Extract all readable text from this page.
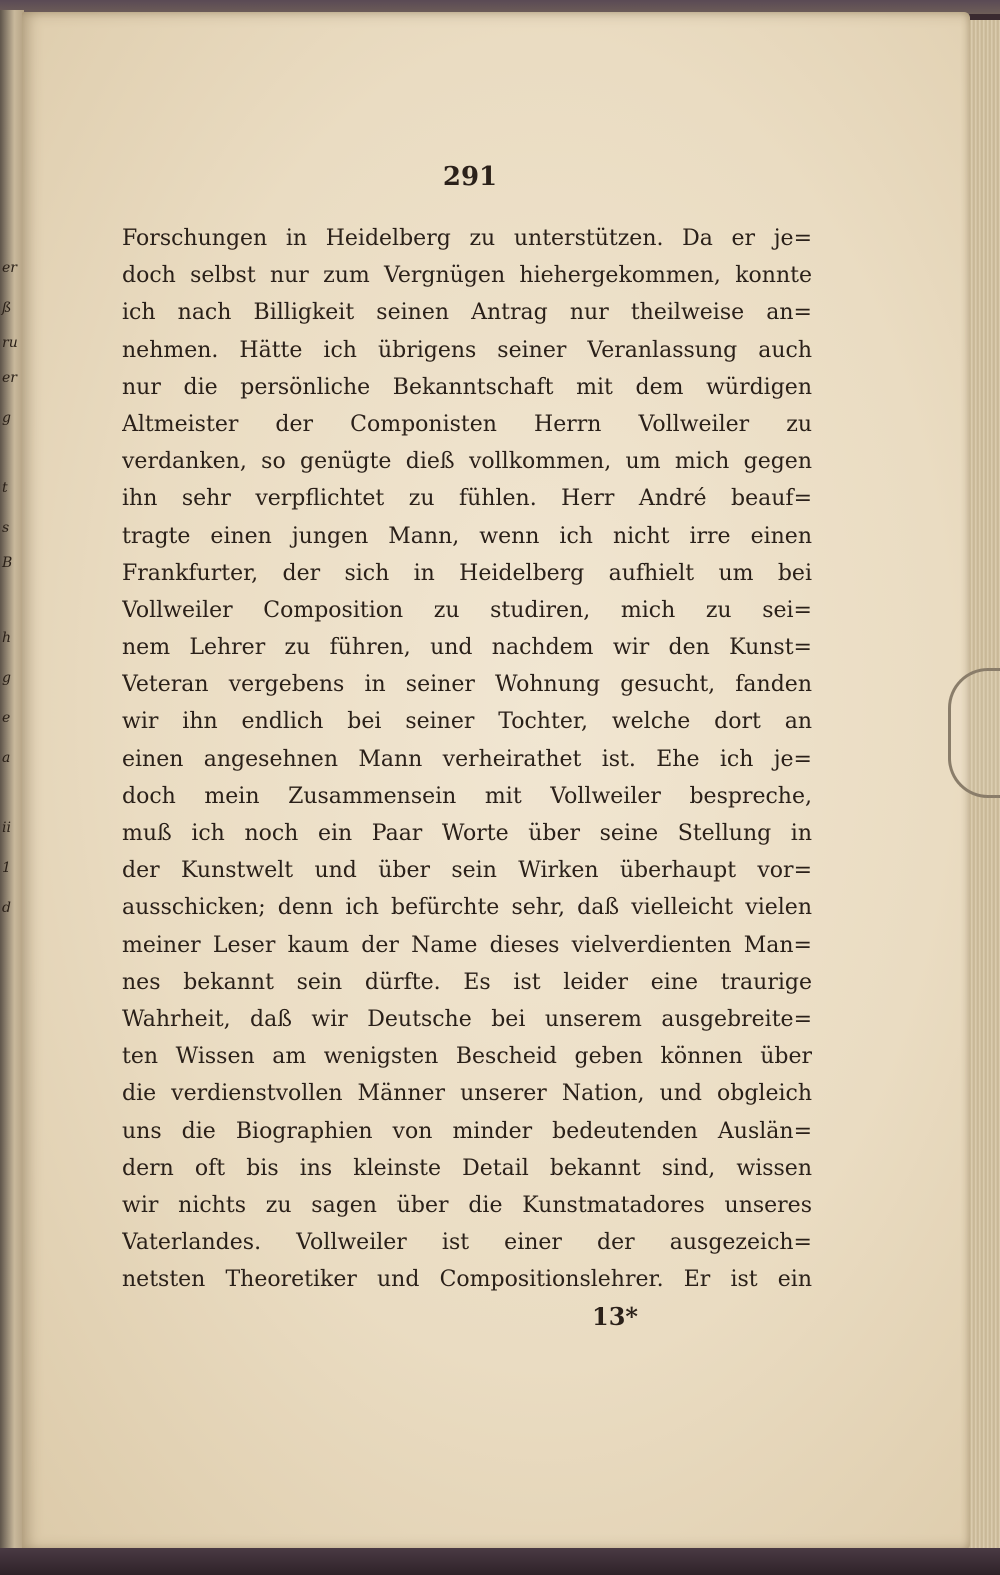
er
ß
ru
er
g
t
s
B
h
g
e
a
ii
1
d
291
Forschungen in Heidelberg zu unterstützen. Da er je=
doch selbst nur zum Vergnügen hiehergekommen, konnte
ich nach Billigkeit seinen Antrag nur theilweise an=
nehmen. Hätte ich übrigens seiner Veranlassung auch
nur die persönliche Bekanntschaft mit dem würdigen
Altmeister der Componisten Herrn Vollweiler zu
verdanken, so genügte dieß vollkommen, um mich gegen
ihn sehr verpflichtet zu fühlen. Herr André beauf=
tragte einen jungen Mann, wenn ich nicht irre einen
Frankfurter, der sich in Heidelberg aufhielt um bei
Vollweiler Composition zu studiren, mich zu sei=
nem Lehrer zu führen, und nachdem wir den Kunst=
Veteran vergebens in seiner Wohnung gesucht, fanden
wir ihn endlich bei seiner Tochter, welche dort an
einen angesehnen Mann verheirathet ist. Ehe ich je=
doch mein Zusammensein mit Vollweiler bespreche,
muß ich noch ein Paar Worte über seine Stellung in
der Kunstwelt und über sein Wirken überhaupt vor=
ausschicken; denn ich befürchte sehr, daß vielleicht vielen
meiner Leser kaum der Name dieses vielverdienten Man=
nes bekannt sein dürfte. Es ist leider eine traurige
Wahrheit, daß wir Deutsche bei unserem ausgebreite=
ten Wissen am wenigsten Bescheid geben können über
die verdienstvollen Männer unserer Nation, und obgleich
uns die Biographien von minder bedeutenden Auslän=
dern oft bis ins kleinste Detail bekannt sind, wissen
wir nichts zu sagen über die Kunstmatadores unseres
Vaterlandes. Vollweiler ist einer der ausgezeich=
netsten Theoretiker und Compositionslehrer. Er ist ein
13*
